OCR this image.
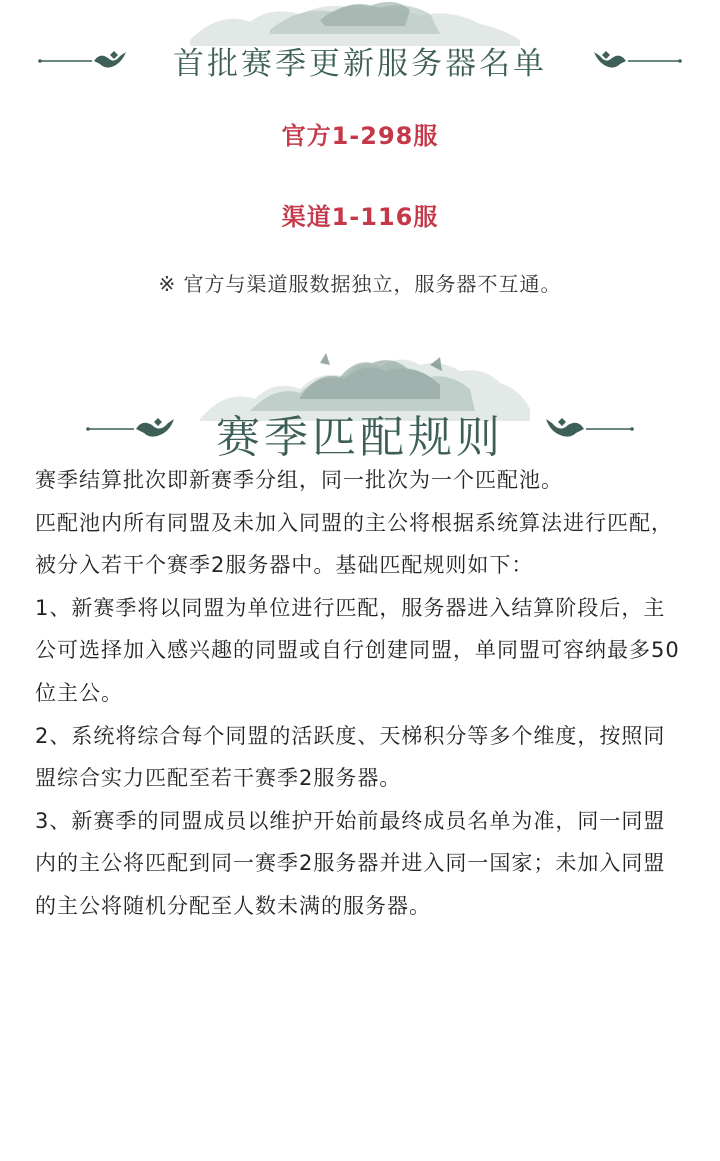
首批赛季更新服务器名单
官方1-298服
渠道1-116服
※ 官方与渠道服数据独立，服务器不互通。
赛季匹配规则

赛季结算批次即新赛季分组，同一批次为一个匹配池。

匹配池内所有同盟及未加入同盟的主公将根据系统算法进行匹配，被分入若干个赛季2服务器中。基础匹配规则如下：

1、新赛季将以同盟为单位进行匹配，服务器进入结算阶段后，主公可选择加入感兴趣的同盟或自行创建同盟，单同盟可容纳最多50位主公。

2、系统将综合每个同盟的活跃度、天梯积分等多个维度，按照同盟综合实力匹配至若干赛季2服务器。

3、新赛季的同盟成员以维护开始前最终成员名单为准，同一同盟内的主公将匹配到同一赛季2服务器并进入同一国家；未加入同盟的主公将随机分配至人数未满的服务器。
